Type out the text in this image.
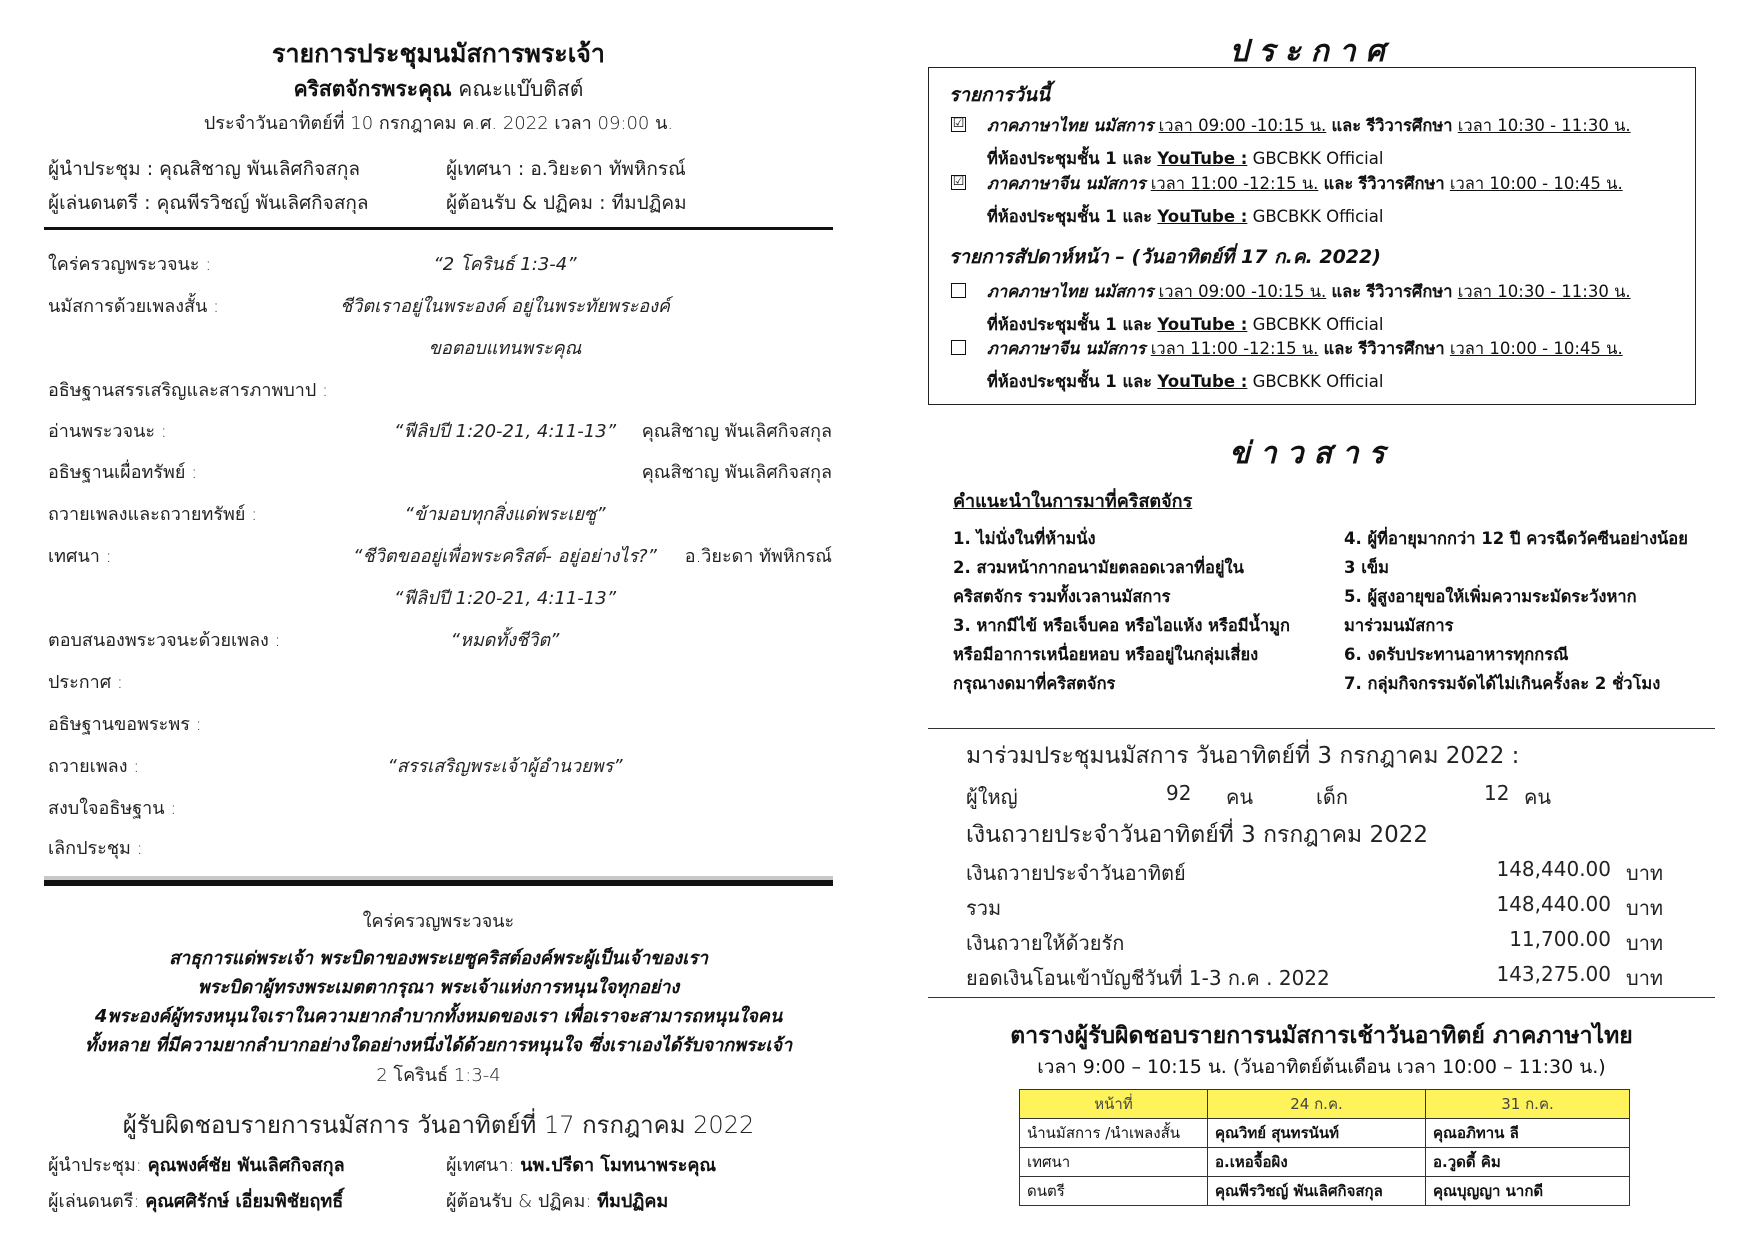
รายการประชุมนมัสการพระเจ้า
คริสตจักรพระคุณ คณะแบ๊บติสต์
ประจำวันอาทิตย์ที่ 10 กรกฎาคม ค.ศ. 2022 เวลา 09:00 น.
ผู้นำประชุม : คุณสิชาญ พันเลิศกิจสกุล	ผู้เทศนา : อ.วิยะดา ทัพหิกรณ์
ผู้เล่นดนตรี : คุณพีรวิชญ์ พันเลิศกิจสกุล	ผู้ต้อนรับ & ปฏิคม : ทีมปฏิคม
ใคร่ครวญพระวจนะ :	“2 โครินธ์ 1:3-4”
นมัสการด้วยเพลงสั้น :	ชีวิตเราอยู่ในพระองค์ อยู่ในพระทัยพระองค์
ขอตอบแทนพระคุณ
อธิษฐานสรรเสริญและสารภาพบาป :
อ่านพระวจนะ :	“ฟีลิปปี 1:20-21, 4:11-13”	คุณสิชาญ พันเลิศกิจสกุล
อธิษฐานเผื่อทรัพย์ :	คุณสิชาญ พันเลิศกิจสกุล
ถวายเพลงและถวายทรัพย์ :	“ข้ามอบทุกสิ่งแด่พระเยซู”
เทศนา :	“ชีวิตขออยู่เพื่อพระคริสต์- อยู่อย่างไร?”	อ.วิยะดา ทัพหิกรณ์
“ฟีลิปปี 1:20-21, 4:11-13”
ตอบสนองพระวจนะด้วยเพลง :	“หมดทั้งชีวิต”
ประกาศ :
อธิษฐานขอพระพร :
ถวายเพลง :	“สรรเสริญพระเจ้าผู้อำนวยพร”
สงบใจอธิษฐาน :
เลิกประชุม :
ใคร่ครวญพระวจนะ
สาธุการแด่พระเจ้า พระบิดาของพระเยซูคริสต์องค์พระผู้เป็นเจ้าของเรา
พระบิดาผู้ทรงพระเมตตากรุณา พระเจ้าแห่งการหนุนใจทุกอย่าง
4พระองค์ผู้ทรงหนุนใจเราในความยากลำบากทั้งหมดของเรา เพื่อเราจะสามารถหนุนใจคน
ทั้งหลาย ที่มีความยากลำบากอย่างใดอย่างหนึ่งได้ด้วยการหนุนใจ ซึ่งเราเองได้รับจากพระเจ้า
2 โครินธ์ 1:3-4
ผู้รับผิดชอบรายการนมัสการ วันอาทิตย์ที่ 17 กรกฎาคม 2022
ผู้นำประชุม: คุณพงศ์ชัย พันเลิศกิจสกุล	ผู้เทศนา: นพ.ปรีดา โมทนาพระคุณ
ผู้เล่นดนตรี: คุณศศิรักษ์ เอี่ยมพิชัยฤทธิ์	ผู้ต้อนรับ & ปฏิคม: ทีมปฏิคม
ประกาศ
รายการวันนี้
☑ ภาคภาษาไทย นมัสการ เวลา 09:00 -10:15 น. และ รีวิวารศึกษา เวลา 10:30 - 11:30 น.
ที่ห้องประชุมชั้น 1 และ YouTube : GBCBKK Official
☑ ภาคภาษาจีน นมัสการ เวลา 11:00 -12:15 น. และ รีวิวารศึกษา เวลา 10:00 - 10:45 น.
ที่ห้องประชุมชั้น 1 และ YouTube : GBCBKK Official
รายการสัปดาห์หน้า – (วันอาทิตย์ที่ 17 ก.ค. 2022)
ภาคภาษาไทย นมัสการ เวลา 09:00 -10:15 น. และ รีวิวารศึกษา เวลา 10:30 - 11:30 น.
ที่ห้องประชุมชั้น 1 และ YouTube : GBCBKK Official
ภาคภาษาจีน นมัสการ เวลา 11:00 -12:15 น. และ รีวิวารศึกษา เวลา 10:00 - 10:45 น.
ที่ห้องประชุมชั้น 1 และ YouTube : GBCBKK Official
ข่าวสาร
คำแนะนำในการมาที่คริสตจักร
1. ไม่นั่งในที่ห้ามนั่ง
2. สวมหน้ากากอนามัยตลอดเวลาที่อยู่ใน
คริสตจักร รวมทั้งเวลานมัสการ
3. หากมีไข้ หรือเจ็บคอ หรือไอแห้ง หรือมีน้ำมูก
หรือมีอาการเหนื่อยหอบ หรืออยู่ในกลุ่มเสี่ยง
กรุณางดมาที่คริสตจักร
4. ผู้ที่อายุมากกว่า 12 ปี ควรฉีดวัคซีนอย่างน้อย
3 เข็ม
5. ผู้สูงอายุขอให้เพิ่มความระมัดระวังหาก
มาร่วมนมัสการ
6. งดรับประทานอาหารทุกกรณี
7. กลุ่มกิจกรรมจัดได้ไม่เกินครั้งละ 2 ชั่วโมง
มาร่วมประชุมนมัสการ วันอาทิตย์ที่ 3 กรกฎาคม 2022 :
ผู้ใหญ่	92 คน	เด็ก	12 คน
เงินถวายประจำวันอาทิตย์ที่ 3 กรกฎาคม 2022
เงินถวายประจำวันอาทิตย์	148,440.00 บาท
รวม	148,440.00 บาท
เงินถวายให้ด้วยรัก	11,700.00 บาท
ยอดเงินโอนเข้าบัญชีวันที่ 1-3 ก.ค . 2022	143,275.00 บาท
ตารางผู้รับผิดชอบรายการนมัสการเช้าวันอาทิตย์ ภาคภาษาไทย
เวลา 9:00 – 10:15 น. (วันอาทิตย์ต้นเดือน เวลา 10:00 – 11:30 น.)
หน้าที่	24 ก.ค.	31 ก.ค.
นำนมัสการ /นำเพลงสั้น	คุณวิทย์ สุนทรนันท์	คุณอภิทาน ลี
เทศนา	อ.เหอจื้อผิง	อ.วูดดี้ คิม
ดนตรี	คุณพีรวิชญ์ พันเลิศกิจสกุล	คุณบุญญา นากดี
